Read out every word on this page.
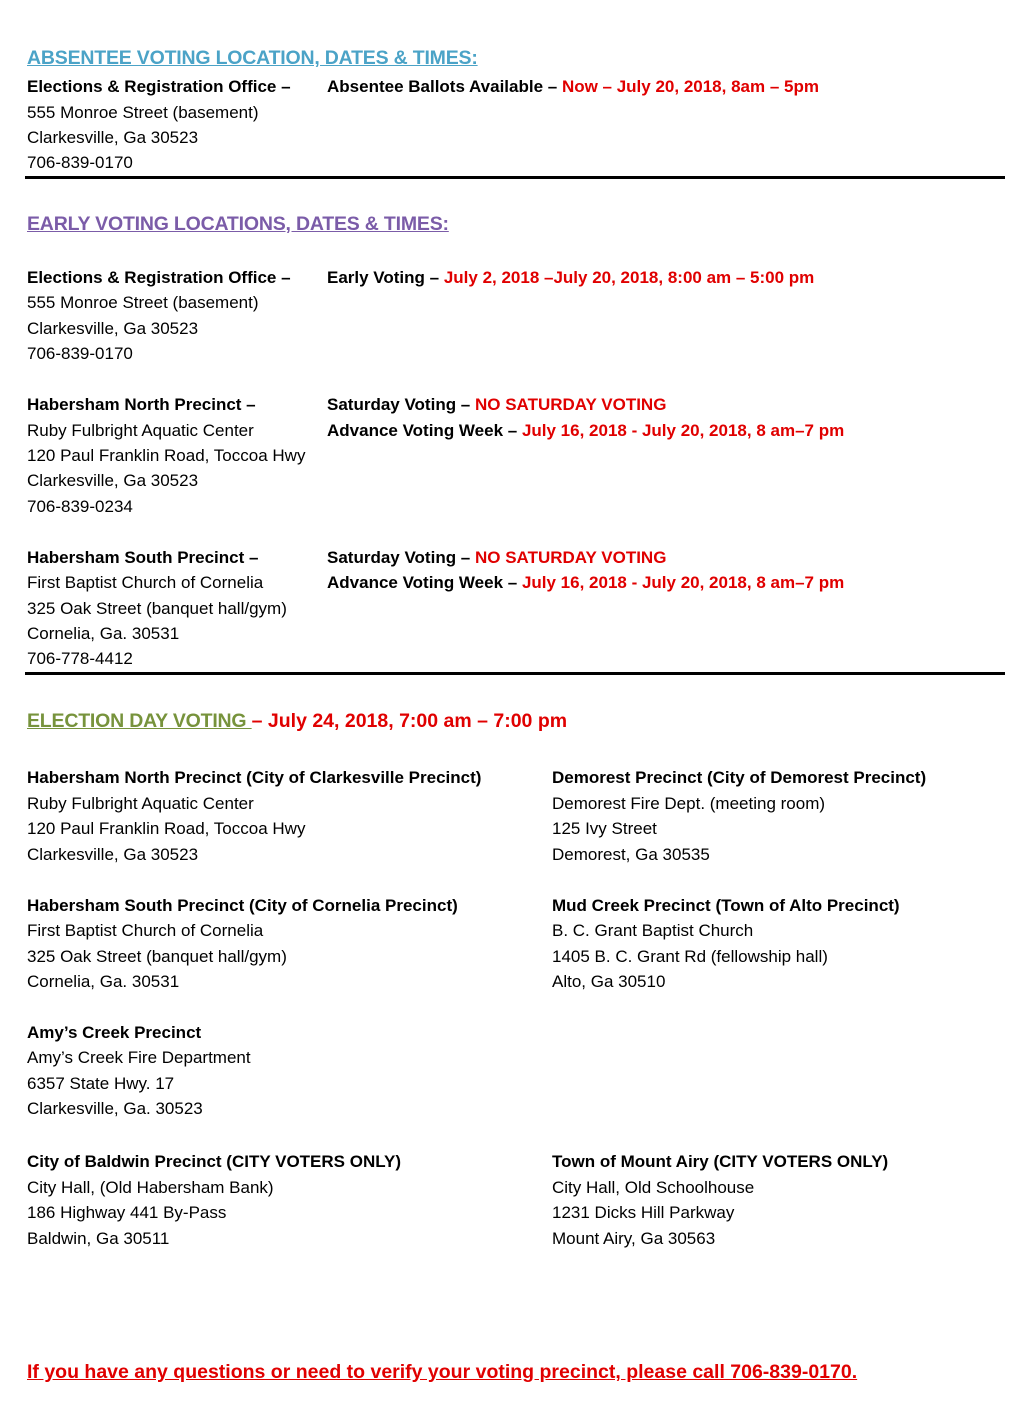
ABSENTEE VOTING LOCATION, DATES & TIMES:
Elections & Registration Office – Absentee Ballots Available – Now – July 20, 2018, 8am – 5pm
555 Monroe Street (basement)
Clarkesville, Ga 30523
706-839-0170
EARLY VOTING LOCATIONS, DATES & TIMES:
Elections & Registration Office – Early Voting – July 2, 2018 –July 20, 2018, 8:00 am – 5:00 pm
555 Monroe Street (basement)
Clarkesville, Ga 30523
706-839-0170
Habersham North Precinct –	Saturday Voting – NO SATURDAY VOTING
Advance Voting Week – July 16, 2018 - July 20, 2018, 8 am–7 pm
Ruby Fulbright Aquatic Center
120 Paul Franklin Road, Toccoa Hwy
Clarkesville, Ga 30523
706-839-0234
Habersham South Precinct –	Saturday Voting – NO SATURDAY VOTING
Advance Voting Week – July 16, 2018 - July 20, 2018, 8 am–7 pm
First Baptist Church of Cornelia
325 Oak Street (banquet hall/gym)
Cornelia, Ga. 30531
706-778-4412
ELECTION DAY VOTING – July 24, 2018, 7:00 am – 7:00 pm
Habersham North Precinct (City of Clarkesville Precinct)
Ruby Fulbright Aquatic Center
120 Paul Franklin Road, Toccoa Hwy
Clarkesville, Ga 30523
Demorest Precinct (City of Demorest Precinct)
Demorest Fire Dept. (meeting room)
125 Ivy Street
Demorest, Ga 30535
Habersham South Precinct (City of Cornelia Precinct)
First Baptist Church of Cornelia
325 Oak Street (banquet hall/gym)
Cornelia, Ga. 30531
Mud Creek Precinct (Town of Alto Precinct)
B. C. Grant Baptist Church
1405 B. C. Grant Rd (fellowship hall)
Alto, Ga 30510
Amy’s Creek Precinct
Amy’s Creek Fire Department
6357 State Hwy. 17
Clarkesville, Ga. 30523
City of Baldwin Precinct (CITY VOTERS ONLY)
City Hall, (Old Habersham Bank)
186 Highway 441 By-Pass
Baldwin, Ga 30511
Town of Mount Airy (CITY VOTERS ONLY)
City Hall, Old Schoolhouse
1231 Dicks Hill Parkway
Mount Airy, Ga 30563
If you have any questions or need to verify your voting precinct, please call 706-839-0170.
